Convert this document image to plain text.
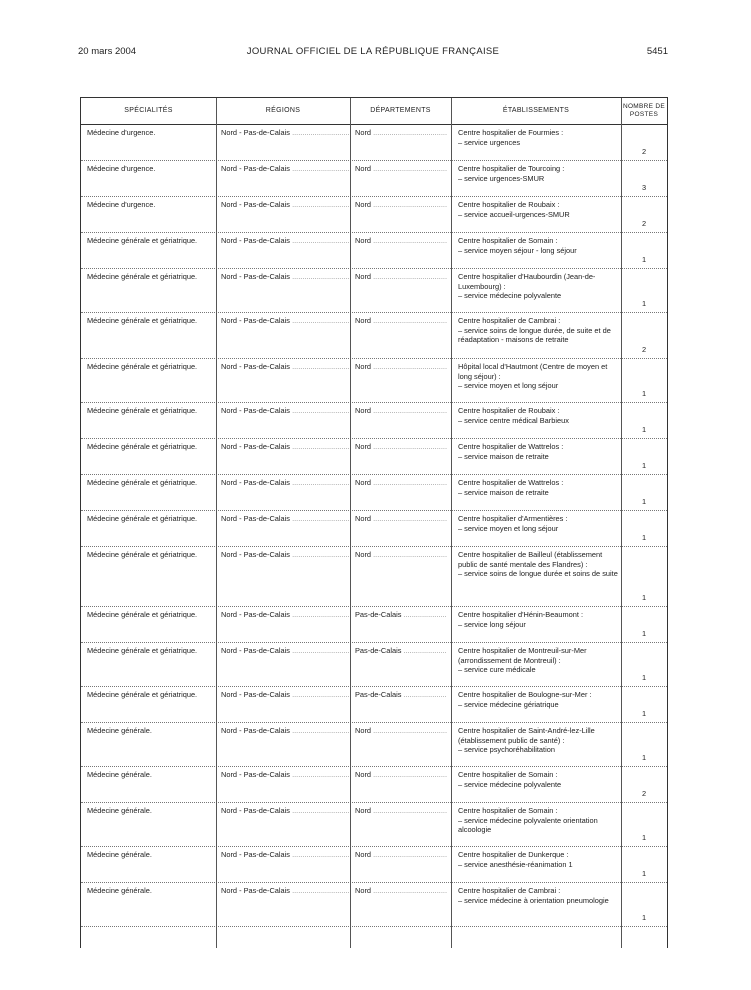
20 mars 2004	JOURNAL OFFICIEL DE LA RÉPUBLIQUE FRANÇAISE	5451
SPÉCIALITÉS	RÉGIONS	DÉPARTEMENTS	ÉTABLISSEMENTS
NOMBRE DE POSTES
Médecine d'urgence.	Nord - Pas-de-Calais .....	Nord .....	Centre hospitalier de Fourmies :
– service urgences
2
Médecine d'urgence.	Nord - Pas-de-Calais .....	Nord .....	Centre hospitalier de Tourcoing :
– service urgences-SMUR
3
Médecine d'urgence.	Nord - Pas-de-Calais .....	Nord .....	Centre hospitalier de Roubaix :
– service accueil-urgences-SMUR
2
Médecine générale et gériatrique.	Nord - Pas-de-Calais .....	Nord .....	Centre hospitalier de Somain :
– service moyen séjour - long séjour
1
Médecine générale et gériatrique.	Nord - Pas-de-Calais .....	Nord .....	Centre hospitalier d'Haubourdin (Jean-de-Luxembourg) :
– service médecine polyvalente
1
Médecine générale et gériatrique.	Nord - Pas-de-Calais .....	Nord .....	Centre hospitalier de Cambrai :
– service soins de longue durée, de suite et de réadaptation - maisons de retraite
2
Médecine générale et gériatrique.	Nord - Pas-de-Calais .....	Nord .....	Hôpital local d'Hautmont (Centre de moyen et long séjour) :
– service moyen et long séjour
1
Médecine générale et gériatrique.	Nord - Pas-de-Calais .....	Nord .....	Centre hospitalier de Roubaix :
– service centre médical Barbieux
1
Médecine générale et gériatrique.	Nord - Pas-de-Calais .....	Nord .....	Centre hospitalier de Wattrelos :
– service maison de retraite
1
Médecine générale et gériatrique.	Nord - Pas-de-Calais .....	Nord .....	Centre hospitalier de Wattrelos :
– service maison de retraite
1
Médecine générale et gériatrique.	Nord - Pas-de-Calais .....	Nord .....	Centre hospitalier d'Armentières :
– service moyen et long séjour
1
Médecine générale et gériatrique.	Nord - Pas-de-Calais .....	Nord .....	Centre hospitalier de Bailleul (établissement public de santé mentale des Flandres) :
– service soins de longue durée et soins de suite
1
Médecine générale et gériatrique.	Nord - Pas-de-Calais .....	Pas-de-Calais .....	Centre hospitalier d'Hénin-Beaumont :
– service long séjour
1
Médecine générale et gériatrique.	Nord - Pas-de-Calais .....	Pas-de-Calais .....	Centre hospitalier de Montreuil-sur-Mer (arrondissement de Montreuil) :
– service cure médicale
1
Médecine générale et gériatrique.	Nord - Pas-de-Calais .....	Pas-de-Calais .....	Centre hospitalier de Boulogne-sur-Mer :
– service médecine gériatrique
1
Médecine générale.	Nord - Pas-de-Calais .....	Nord .....	Centre hospitalier de Saint-André-lez-Lille (établissement public de santé) :
– service psychoréhabilitation
1
Médecine générale.	Nord - Pas-de-Calais .....	Nord .....	Centre hospitalier de Somain :
– service médecine polyvalente
2
Médecine générale.	Nord - Pas-de-Calais .....	Nord .....	Centre hospitalier de Somain :
– service médecine polyvalente orientation alcoologie
1
Médecine générale.	Nord - Pas-de-Calais .....	Nord .....	Centre hospitalier de Dunkerque :
– service anesthésie-réanimation 1
1
Médecine générale.	Nord - Pas-de-Calais .....	Nord .....	Centre hospitalier de Cambrai :
– service médecine à orientation pneumologie
1
